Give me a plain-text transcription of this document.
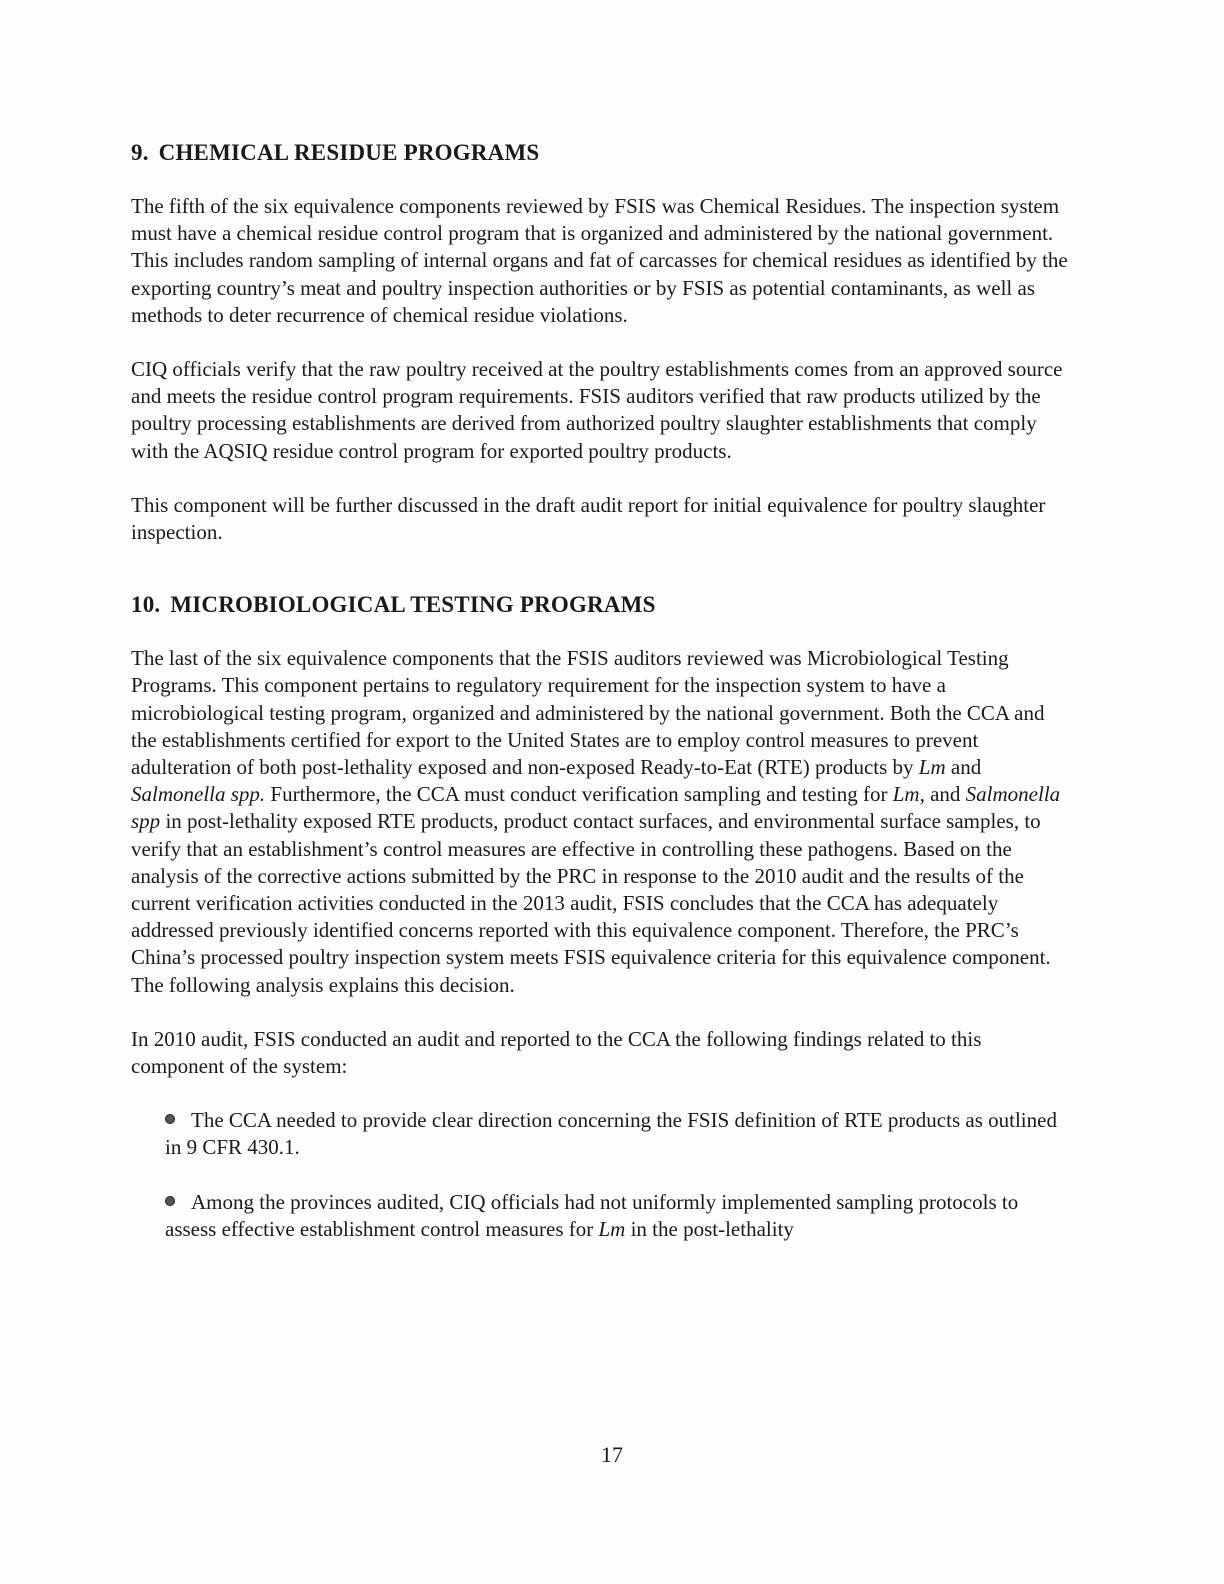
9. CHEMICAL RESIDUE PROGRAMS

The fifth of the six equivalence components reviewed by FSIS was Chemical Residues. The inspection system must have a chemical residue control program that is organized and administered by the national government. This includes random sampling of internal organs and fat of carcasses for chemical residues as identified by the exporting country’s meat and poultry inspection authorities or by FSIS as potential contaminants, as well as methods to deter recurrence of chemical residue violations.

CIQ officials verify that the raw poultry received at the poultry establishments comes from an approved source and meets the residue control program requirements. FSIS auditors verified that raw products utilized by the poultry processing establishments are derived from authorized poultry slaughter establishments that comply with the AQSIQ residue control program for exported poultry products.

This component will be further discussed in the draft audit report for initial equivalence for poultry slaughter inspection.

10. MICROBIOLOGICAL TESTING PROGRAMS

The last of the six equivalence components that the FSIS auditors reviewed was Microbiological Testing Programs. This component pertains to regulatory requirement for the inspection system to have a microbiological testing program, organized and administered by the national government. Both the CCA and the establishments certified for export to the United States are to employ control measures to prevent adulteration of both post-lethality exposed and non-exposed Ready-to-Eat (RTE) products by Lm and Salmonella spp. Furthermore, the CCA must conduct verification sampling and testing for Lm, and Salmonella spp in post-lethality exposed RTE products, product contact surfaces, and environmental surface samples, to verify that an establishment’s control measures are effective in controlling these pathogens. Based on the analysis of the corrective actions submitted by the PRC in response to the 2010 audit and the results of the current verification activities conducted in the 2013 audit, FSIS concludes that the CCA has adequately addressed previously identified concerns reported with this equivalence component. Therefore, the PRC’s China’s processed poultry inspection system meets FSIS equivalence criteria for this equivalence component. The following analysis explains this decision.

In 2010 audit, FSIS conducted an audit and reported to the CCA the following findings related to this component of the system:

The CCA needed to provide clear direction concerning the FSIS definition of RTE products as outlined in 9 CFR 430.1.
Among the provinces audited, CIQ officials had not uniformly implemented sampling protocols to assess effective establishment control measures for Lm in the post-lethality
17
